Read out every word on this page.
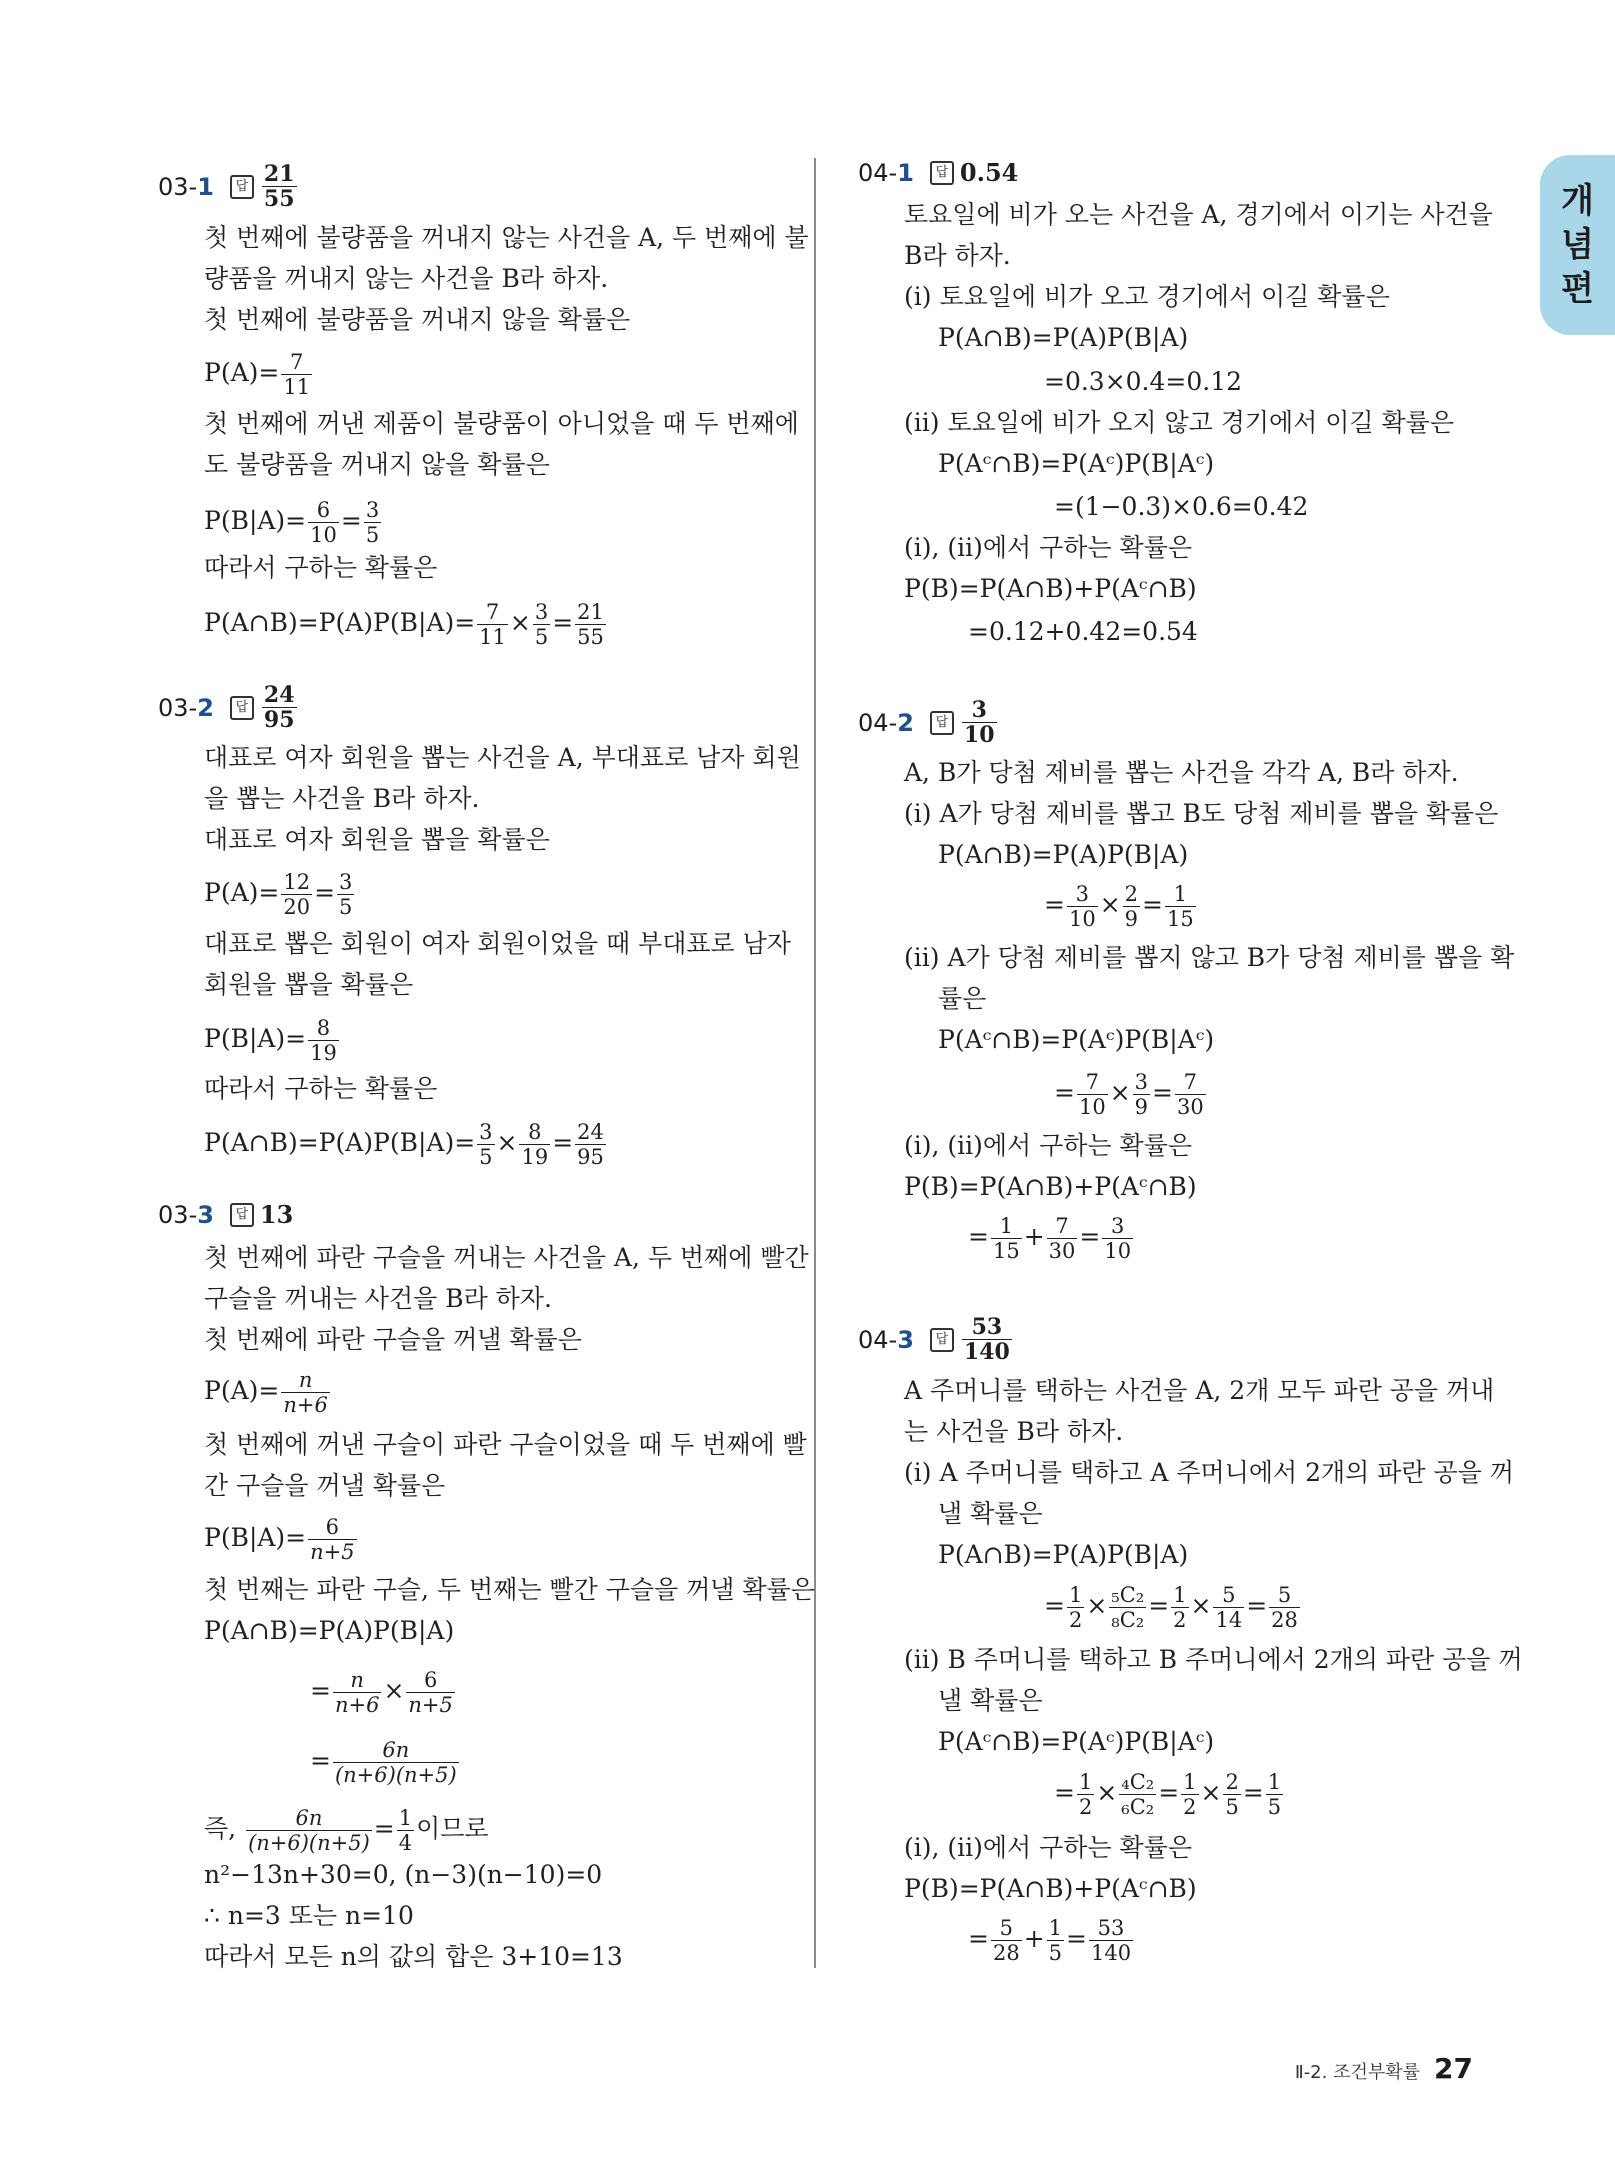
개
념
편
03-1	답 $\frac{21}{55}$
첫 번째에 불량품을 꺼내지 않는 사건을 A, 두 번째에 불
량품을 꺼내지 않는 사건을 B라 하자.
첫 번째에 불량품을 꺼내지 않을 확률은
$P(A)= \frac{7}{11}$
첫 번째에 꺼낸 제품이 불량품이 아니었을 때 두 번째에
도 불량품을 꺼내지 않을 확률은
$P(B|A)= \frac{6}{10} = \frac{3}{5}$
따라서 구하는 확률은
P(A∩B)=P(A)P(B|A)= $\frac{7}{11} \times \frac{3}{5} = \frac{21}{55}$
03-2	답 $\frac{24}{95}$
대표로 여자 회원을 뽑는 사건을 A, 부대표로 남자 회원
을 뽑는 사건을 B라 하자.
대표로 여자 회원을 뽑을 확률은
$P(A)= \frac{12}{20} = \frac{3}{5}$
대표로 뽑은 회원이 여자 회원이었을 때 부대표로 남자
회원을 뽑을 확률은
$P(B|A)= \frac{8}{19}$
따라서 구하는 확률은
P(A∩B)=P(A)P(B|A)= $\frac{3}{5} \times \frac{8}{19} = \frac{24}{95}$
03-3	답 13
첫 번째에 파란 구슬을 꺼내는 사건을 A, 두 번째에 빨간
구슬을 꺼내는 사건을 B라 하자.
첫 번째에 파란 구슬을 꺼낼 확률은
$P(A)= \frac{n}{n+6}$
첫 번째에 꺼낸 구슬이 파란 구슬이었을 때 두 번째에 빨
간 구슬을 꺼낼 확률은
$P(B|A)= \frac{6}{n+5}$
첫 번째는 파란 구슬, 두 번째는 빨간 구슬을 꺼낼 확률은
P(A∩B)=P(A)P(B|A)
= $\frac{n}{n+6} \times \frac{6}{n+5}$
= $\frac{6n}{(n+6)(n+5)}$
즉, $\frac{6n}{(n+6)(n+5)} = \frac{1}{4}$ 이므로
n²−13n+30=0, (n−3)(n−10)=0
∴ n=3 또는 n=10
따라서 모든 n의 값의 합은 3+10=13
04-1	답 0.54
토요일에 비가 오는 사건을 A, 경기에서 이기는 사건을
B라 하자.
(ⅰ) 토요일에 비가 오고 경기에서 이길 확률은
P(A∩B)=P(A)P(B|A)
=0.3×0.4=0.12
(ⅱ) 토요일에 비가 오지 않고 경기에서 이길 확률은
P(Aᶜ∩B)=P(Aᶜ)P(B|Aᶜ)
=(1−0.3)×0.6=0.42
(ⅰ), (ⅱ)에서 구하는 확률은
P(B)=P(A∩B)+P(Aᶜ∩B)
=0.12+0.42=0.54
04-2	답 $\frac{3}{10}$
A, B가 당첨 제비를 뽑는 사건을 각각 A, B라 하자.
(ⅰ) A가 당첨 제비를 뽑고 B도 당첨 제비를 뽑을 확률은
P(A∩B)=P(A)P(B|A)
= $\frac{3}{10} \times \frac{2}{9} = \frac{1}{15}$
(ⅱ) A가 당첨 제비를 뽑지 않고 B가 당첨 제비를 뽑을 확
률은
P(Aᶜ∩B)=P(Aᶜ)P(B|Aᶜ)
= $\frac{7}{10} \times \frac{3}{9} = \frac{7}{30}$
(ⅰ), (ⅱ)에서 구하는 확률은
P(B)=P(A∩B)+P(Aᶜ∩B)
= $\frac{1}{15} + \frac{7}{30} = \frac{3}{10}$
04-3	답 $\frac{53}{140}$
A 주머니를 택하는 사건을 A, 2개 모두 파란 공을 꺼내
는 사건을 B라 하자.
(ⅰ) A 주머니를 택하고 A 주머니에서 2개의 파란 공을 꺼
낼 확률은
P(A∩B)=P(A)P(B|A)
= $\frac{1}{2} \times \frac{\text{₅C₂}}{\text{₈C₂}} = \frac{1}{2} \times \frac{5}{14} = \frac{5}{28}$
(ⅱ) B 주머니를 택하고 B 주머니에서 2개의 파란 공을 꺼
낼 확률은
P(Aᶜ∩B)=P(Aᶜ)P(B|Aᶜ)
= $\frac{1}{2} \times \frac{\text{₄C₂}}{\text{₆C₂}} = \frac{1}{2} \times \frac{2}{5} = \frac{1}{5}$
(ⅰ), (ⅱ)에서 구하는 확률은
P(B)=P(A∩B)+P(Aᶜ∩B)
= $\frac{5}{28} + \frac{1}{5} = \frac{53}{140}$
Ⅱ-2. 조건부확률 27
